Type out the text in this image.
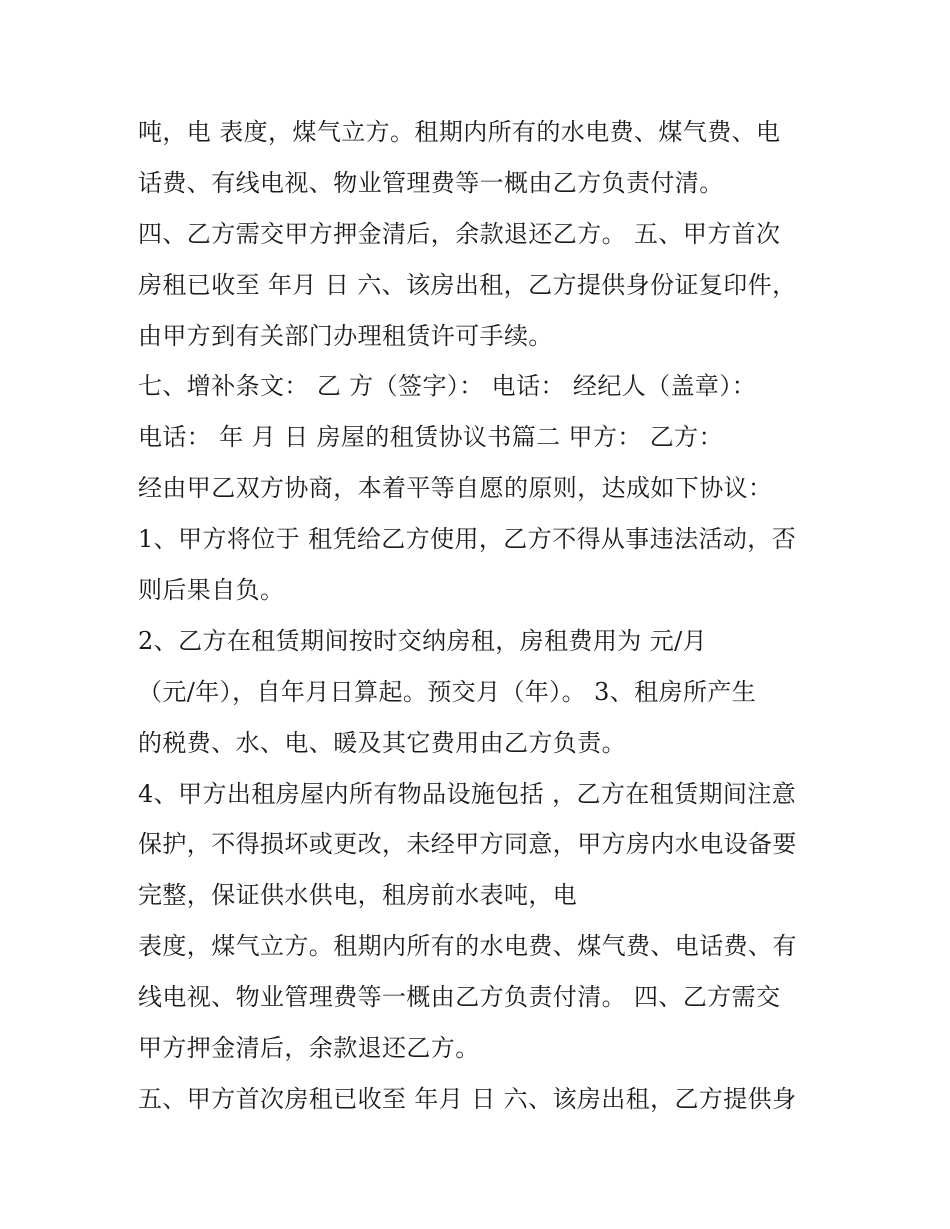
吨，电 表度，煤气立方。租期内所有的水电费、煤气费、电
话费、有线电视、物业管理费等一概由乙方负责付清。
四、乙方需交甲方押金清后，余款退还乙方。 五、甲方首次
房租已收至 年月 日 六、该房出租，乙方提供身份证复印件，
由甲方到有关部门办理租赁许可手续。
七、增补条文： 乙 方（签字）： 电话： 经纪人（盖章）：
电话： 年 月 日 房屋的租赁协议书篇二 甲方： 乙方：
经由甲乙双方协商，本着平等自愿的原则，达成如下协议：
1、甲方将位于 租凭给乙方使用，乙方不得从事违法活动，否
则后果自负。
2、乙方在租赁期间按时交纳房租，房租费用为 元/月
（元/年），自年月日算起。预交月（年）。 3、租房所产生
的税费、水、电、暖及其它费用由乙方负责。
4、甲方出租房屋内所有物品设施包括 ，乙方在租赁期间注意
保护，不得损坏或更改，未经甲方同意，甲方房内水电设备要
完整，保证供水供电，租房前水表吨，电
表度，煤气立方。租期内所有的水电费、煤气费、电话费、有
线电视、物业管理费等一概由乙方负责付清。 四、乙方需交
甲方押金清后，余款退还乙方。
五、甲方首次房租已收至 年月 日 六、该房出租，乙方提供身
